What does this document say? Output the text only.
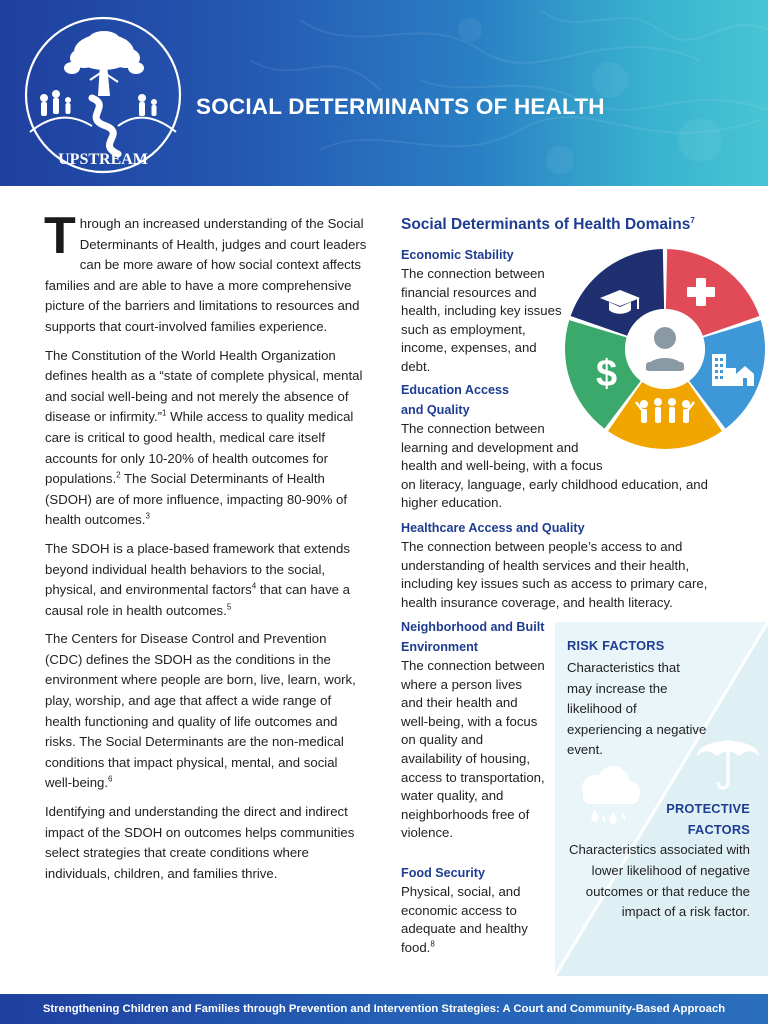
UPSTREAM
SOCIAL DETERMINANTS OF HEALTH

Through an increased understanding of the Social Determinants of Health, judges and court leaders can be more aware of how social context affects families and are able to have a more comprehensive picture of the barriers and limitations to resources and supports that court-involved families experience.

The Constitution of the World Health Organization defines health as a “state of complete physical, mental and social well-being and not merely the absence of disease or infirmity.”$^1$ While access to quality medical care is critical to good health, medical care itself accounts for only 10-20% of health outcomes for populations.$^2$ The Social Determinants of Health (SDOH) are of more influence, impacting 80-90% of health outcomes.$^3$

The SDOH is a place-based framework that extends beyond individual health behaviors to the social, physical, and environmental factors$^4$ that can have a causal role in health outcomes.$^5$

The Centers for Disease Control and Prevention (CDC) defines the SDOH as the conditions in the environment where people are born, live, learn, work, play, worship, and age that affect a wide range of health functioning and quality of life outcomes and risks. The Social Determinants are the non-medical conditions that impact physical, mental, and social well-being.$^6$

Identifying and understanding the direct and indirect impact of the SDOH on outcomes helps communities select strategies that create conditions where individuals, children, and families thrive.

Social Determinants of Health Domains$^7$
Economic Stability
The connection between financial resources and health, including key issues such as employment, income, expenses, and debt.
Education Access
and Quality
The connection between
learning and development and
health and well-being, with a focus
on literacy, language, early childhood education, and higher education.
Healthcare Access and Quality
The connection between people’s access to and understanding of health services and their health, including key issues such as access to primary care, health insurance coverage, and health literacy.
Neighborhood and Built Environment
The connection between where a person lives and their health and well-being, with a focus on quality and availability of housing, access to transportation, water quality, and neighborhoods free of violence.
Food Security
Physical, social, and economic access to adequate and healthy food.$^8$
$
RISK FACTORS
Characteristics that may increase the likelihood of experiencing a negative event.
PROTECTIVE
FACTORS
Characteristics associated with lower likelihood of negative outcomes or that reduce the impact of a risk factor.
Strengthening Children and Families through Prevention and Intervention Strategies: A Court and Community-Based Approach
